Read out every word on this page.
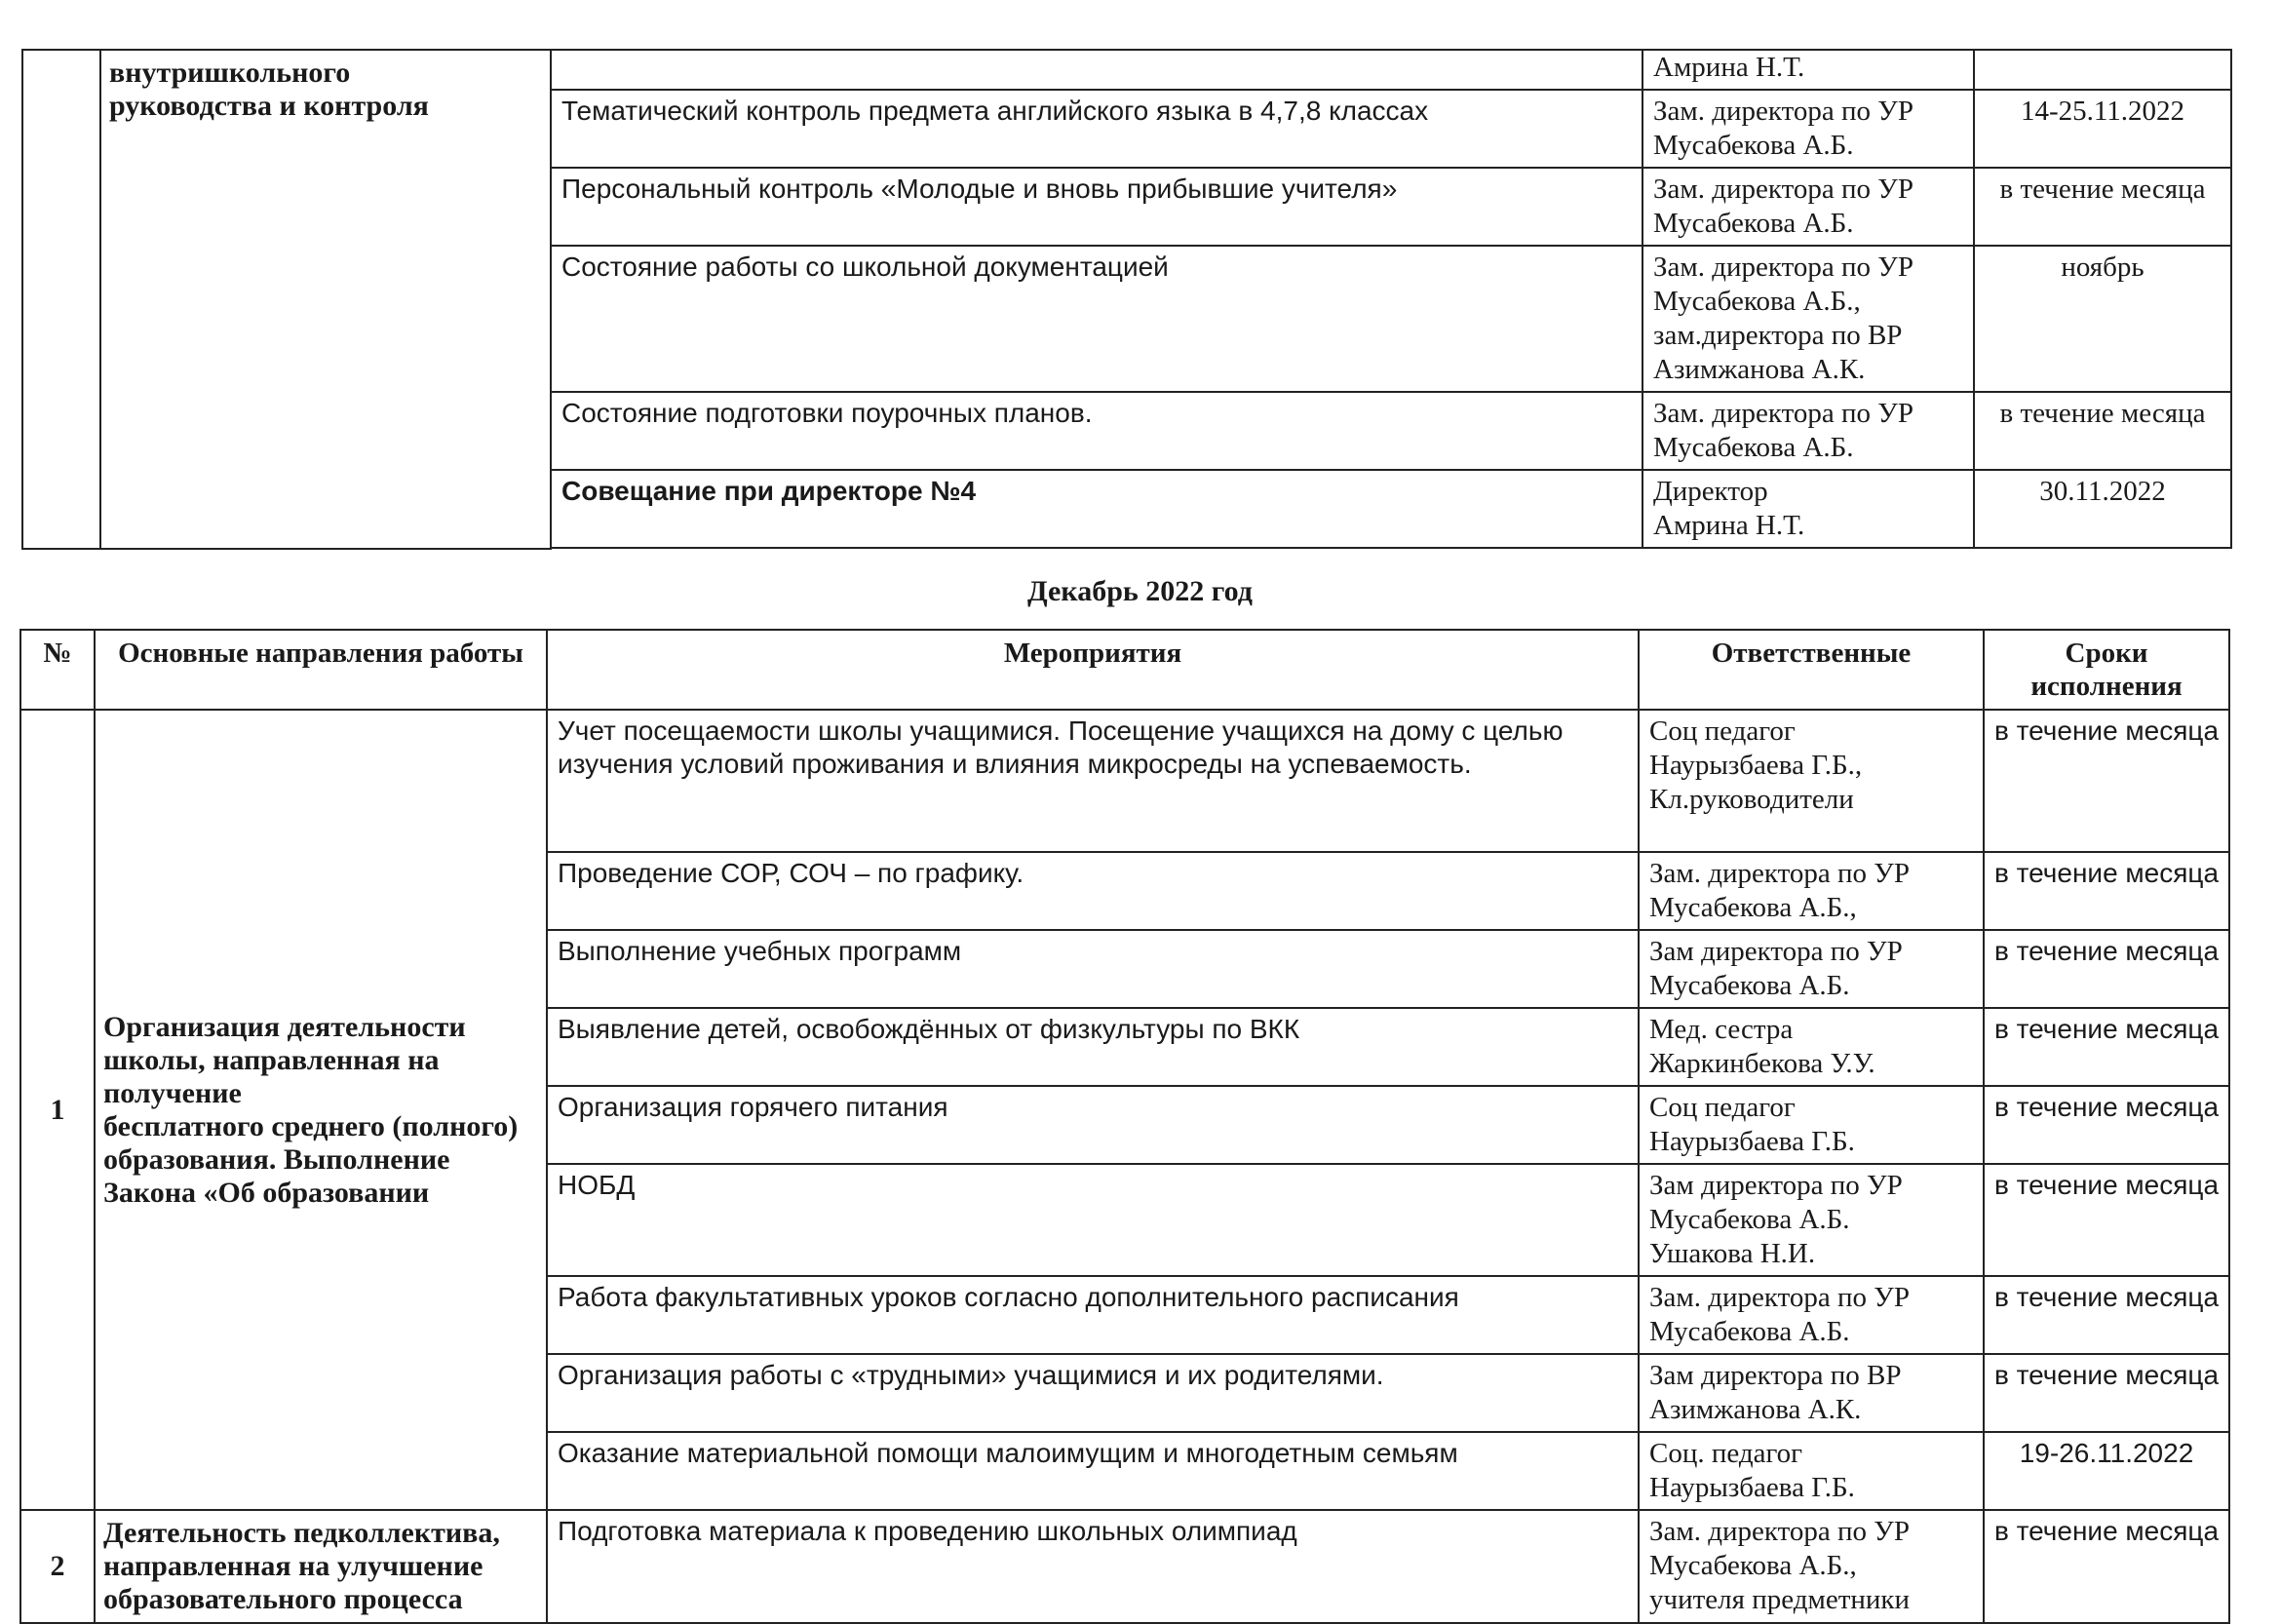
	внутришкольного
руководства и контроля		Амрина Н.Т.	

		Тематический контроль предмета английского языка в 4,7,8 классах	Зам. директора по УР
Мусабекова А.Б.	14-25.11.2022

		Персональный контроль «Молодые и вновь прибывшие учителя»	Зам. директора по УР
Мусабекова А.Б.	в течение месяца

		Состояние работы со школьной документацией	Зам. директора по УР
Мусабекова А.Б.,
зам.директора по ВР
Азимжанова А.К.	ноябрь

		Состояние подготовки поурочных планов.	Зам. директора по УР
Мусабекова А.Б.	в течение месяца

		Совещание при директоре №4	Директор
Амрина Н.Т.	30.11.2022

Декабрь 2022 год
№	Основные направления работы	Мероприятия	Ответственные	Сроки исполнения

1	Организация деятельности школы, направленная на получение
бесплатного среднего (полного) образования. Выполнение Закона «Об образовании	Учет посещаемости школы учащимися. Посещение учащихся на дому с целью изучения условий проживания и влияния микросреды на успеваемость.	Соц педагог
Наурызбаева Г.Б.,
Кл.руководители	в течение месяца

		Проведение СОР, СОЧ – по графику.	Зам. директора по УР
Мусабекова А.Б.,	в течение месяца

		Выполнение учебных программ	Зам директора по УР
Мусабекова А.Б.	в течение месяца

		Выявление детей, освобождённых от физкультуры по ВКК	Мед. сестра
Жаркинбекова У.У.	в течение месяца

		Организация горячего питания	Соц педагог
Наурызбаева Г.Б.	в течение месяца

		НОБД	Зам директора по УР
Мусабекова А.Б.
Ушакова Н.И.	в течение месяца

		Работа факультативных уроков согласно дополнительного расписания	Зам. директора по УР
Мусабекова А.Б.	в течение месяца

		Организация работы с «трудными» учащимися и их родителями.	Зам директора по ВР
Азимжанова А.К.	в течение месяца

		Оказание материальной помощи малоимущим и многодетным семьям	Соц. педагог
Наурызбаева Г.Б.	19-26.11.2022

2	Деятельность педколлектива, направленная на улучшение образовательного процесса	Подготовка материала к проведению школьных олимпиад	Зам. директора по УР
Мусабекова А.Б.,
учителя предметники	в течение месяца
